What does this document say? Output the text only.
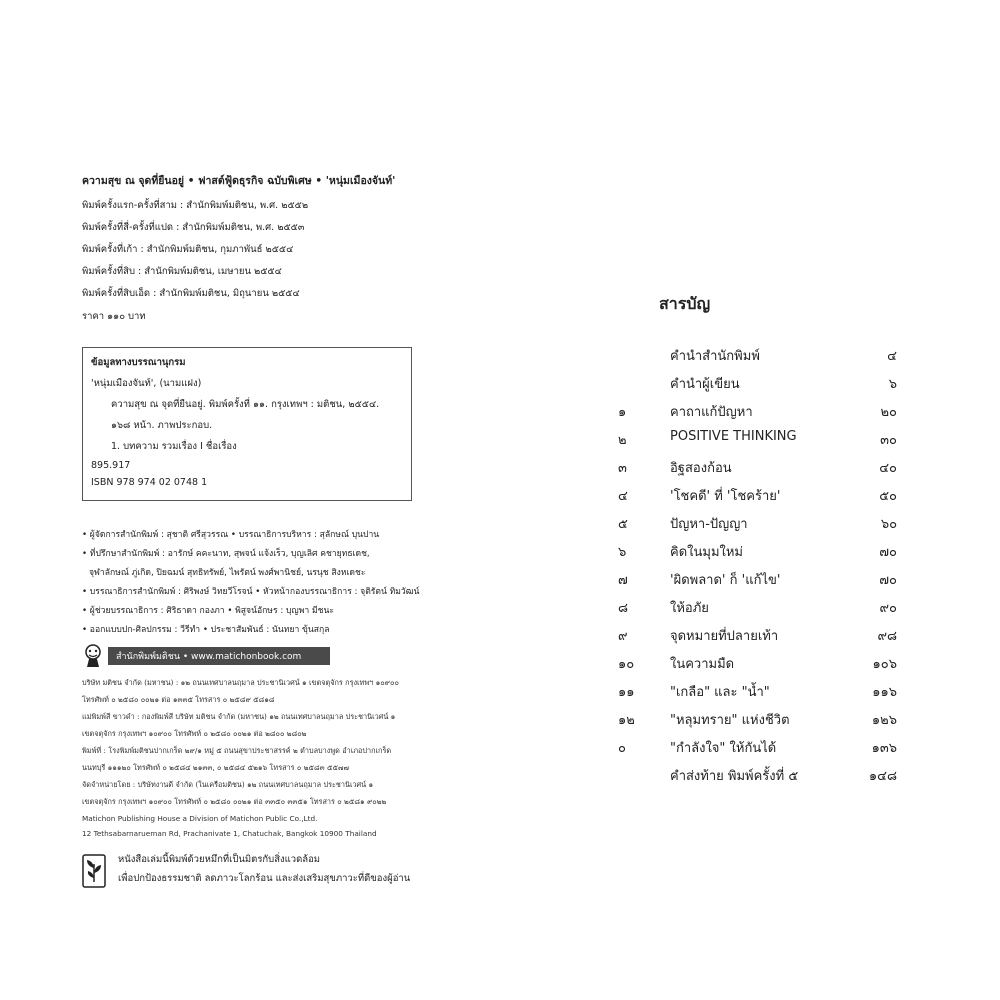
ความสุข ณ จุดที่ยืนอยู่ • ฟาสต์ฟู้ดธุรกิจ ฉบับพิเศษ • 'หนุ่มเมืองจันท์'

พิมพ์ครั้งแรก-ครั้งที่สาม : สำนักพิมพ์มติชน, พ.ศ. ๒๕๕๒

พิมพ์ครั้งที่สี่-ครั้งที่แปด : สำนักพิมพ์มติชน, พ.ศ. ๒๕๕๓

พิมพ์ครั้งที่เก้า : สำนักพิมพ์มติชน, กุมภาพันธ์ ๒๕๕๔

พิมพ์ครั้งที่สิบ : สำนักพิมพ์มติชน, เมษายน ๒๕๕๔

พิมพ์ครั้งที่สิบเอ็ด : สำนักพิมพ์มติชน, มิถุนายน ๒๕๕๔

ราคา ๑๑๐ บาท

ข้อมูลทางบรรณานุกรม

'หนุ่มเมืองจันท์', (นามแฝง)

ความสุข ณ จุดที่ยืนอยู่. พิมพ์ครั้งที่ ๑๑. กรุงเทพฯ : มติชน, ๒๕๕๔.

๑๖๘ หน้า. ภาพประกอบ.

1. บทความ รวมเรื่อง I ชื่อเรื่อง

895.917

ISBN 978 974 02 0748 1

• ผู้จัดการสำนักพิมพ์ : สุชาติ ศรีสุวรรณ • บรรณาธิการบริหาร : สุลักษณ์ บุนปาน

• ที่ปรึกษาสำนักพิมพ์ : อารักษ์ คคะนาท, สุพจน์ แจ้งเร็ว, บุญเลิศ คชายุทธเดช,

จุฬาลักษณ์ ภู่เกิด, ปิยฉมน์ สุทธิทรัพย์, ไพรัตน์ พงศ์พานิชย์, นรนุช สิงหเดชะ

• บรรณาธิการสำนักพิมพ์ : ศิริพงษ์ วิทยวีโรจน์ • หัวหน้ากองบรรณาธิการ : จุติรัตน์ ทิมวัฒน์

• ผู้ช่วยบรรณาธิการ : ศิริธาดา กองภา • พิสูจน์อักษร : บุญพา มีชนะ

• ออกแบบปก-ศิลปกรรม : วีรีทำ • ประชาสัมพันธ์ : นันทยา ขุ้นสกุล

สำนักพิมพ์มติชน • www.matichonbook.com

บริษัท มติชน จำกัด (มหาชน) : ๑๒ ถนนเทศบาลนฤมาล ประชานิเวศน์ ๑ เขตจตุจักร กรุงเทพฯ ๑๐๙๐๐

โทรศัพท์ ๐ ๒๕๘๐ ๐๐๒๑ ต่อ ๑๓๓๕ โทรสาร ๐ ๒๕๘๙ ๕๘๑๘

แม่พิมพ์สี ขาวดำ : กองพิมพ์สี บริษัท มติชน จำกัด (มหาชน) ๑๒ ถนนเทศบาลนฤมาล ประชานิเวศน์ ๑

เขตจตุจักร กรุงเทพฯ ๑๐๙๐๐ โทรศัพท์ ๐ ๒๕๘๐ ๐๐๒๑ ต่อ ๒๘๐๐ ๒๘๐๒

พิมพ์ที่ : โรงพิมพ์มติชนปากเกร็ด ๒๙/๑ หมู่ ๕ ถนนสุขาประชาสรรค์ ๒ ตำบลบางพูด อำเภอปากเกร็ด

นนทบุรี ๑๑๑๒๐ โทรศัพท์ ๐ ๒๕๘๔ ๒๑๓๓, ๐ ๒๕๘๔ ๕๒๑๖ โทรสาร ๐ ๒๕๘๓ ๕๕๗๗

จัดจำหน่ายโดย : บริษัทงานดี จำกัด (ในเครือมติชน) ๑๒ ถนนเทศบาลนฤมาล ประชานิเวศน์ ๑

เขตจตุจักร กรุงเทพฯ ๑๐๙๐๐ โทรศัพท์ ๐ ๒๕๘๐ ๐๐๒๑ ต่อ ๓๓๕๐ ๓๓๕๑ โทรสาร ๐ ๒๕๘๑ ๙๐๒๒

Matichon Publishing House a Division of Matichon Public Co.,Ltd.

12 Tethsabarnarueman Rd, Prachanivate 1, Chatuchak, Bangkok 10900 Thailand

หนังสือเล่มนี้พิมพ์ด้วยหมึกที่เป็นมิตรกับสิ่งแวดล้อม

เพื่อปกป้องธรรมชาติ ลดภาวะโลกร้อน และส่งเสริมสุขภาวะที่ดีของผู้อ่าน

สารบัญ
คำนำสำนักพิมพ์	๔
คำนำผู้เขียน	๖
๑	คาถาแก้ปัญหา	๒๐
๒	POSITIVE THINKING	๓๐
๓	อิฐสองก้อน	๔๐
๔	'โชคดี' ที่ 'โชคร้าย'	๕๐
๕	ปัญหา-ปัญญา	๖๐
๖	คิดในมุมใหม่	๗๐
๗	'ผิดพลาด' ก็ 'แก้ไข'	๗๐
๘	ให้อภัย	๙๐
๙	จุดหมายที่ปลายเท้า	๙๘
๑๐	ในความมืด	๑๐๖
๑๑	"เกลือ" และ "น้ำ"	๑๑๖
๑๒	"หลุมทราย" แห่งชีวิต	๑๒๖
๐	"กำลังใจ" ให้กันได้	๑๓๖
คำส่งท้าย พิมพ์ครั้งที่ ๕	๑๔๘
